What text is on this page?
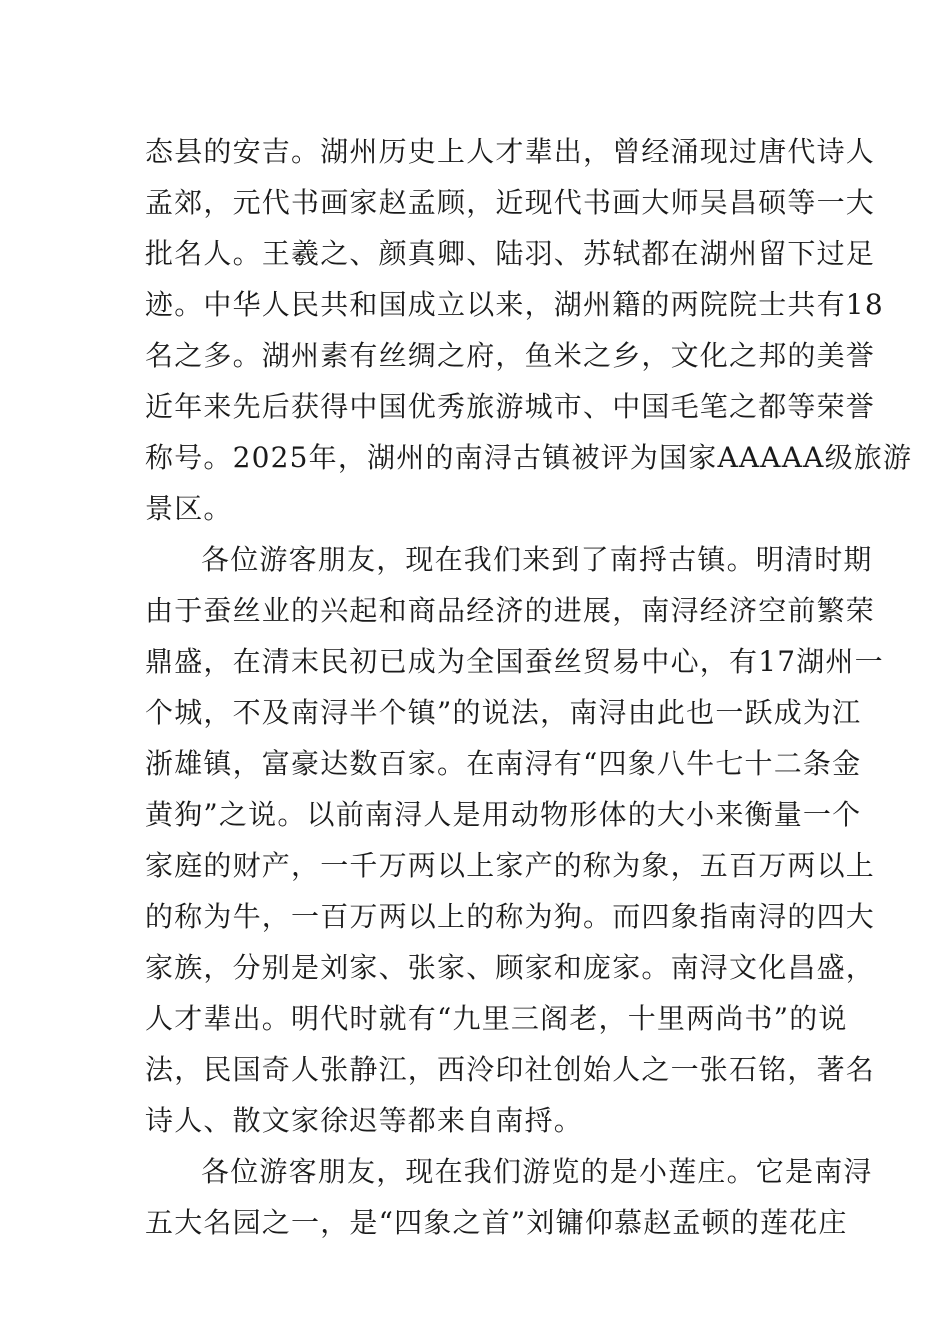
态县的安吉。湖州历史上人才辈出，曾经涌现过唐代诗人
孟郊，元代书画家赵孟顾，近现代书画大师吴昌硕等一大
批名人。王羲之、颜真卿、陆羽、苏轼都在湖州留下过足
迹。中华人民共和国成立以来，湖州籍的两院院士共有18
名之多。湖州素有丝绸之府，鱼米之乡，文化之邦的美誉
近年来先后获得中国优秀旅游城市、中国毛笔之都等荣誉
称号。2025年，湖州的南浔古镇被评为国家AAAAA级旅游
景区。
各位游客朋友，现在我们来到了南捋古镇。明清时期
由于蚕丝业的兴起和商品经济的进展，南浔经济空前繁荣
鼎盛，在清末民初已成为全国蚕丝贸易中心，有17湖州一
个城，不及南浔半个镇”的说法，南浔由此也一跃成为江
浙雄镇，富豪达数百家。在南浔有“四象八牛七十二条金
黄狗”之说。以前南浔人是用动物形体的大小来衡量一个
家庭的财产，一千万两以上家产的称为象，五百万两以上
的称为牛，一百万两以上的称为狗。而四象指南浔的四大
家族，分别是刘家、张家、顾家和庞家。南浔文化昌盛，
人才辈出。明代时就有“九里三阁老，十里两尚书”的说
法，民国奇人张静江，西泠印社创始人之一张石铭，著名
诗人、散文家徐迟等都来自南捋。
各位游客朋友，现在我们游览的是小莲庄。它是南浔
五大名园之一，是“四象之首”刘镛仰慕赵孟顿的莲花庄
